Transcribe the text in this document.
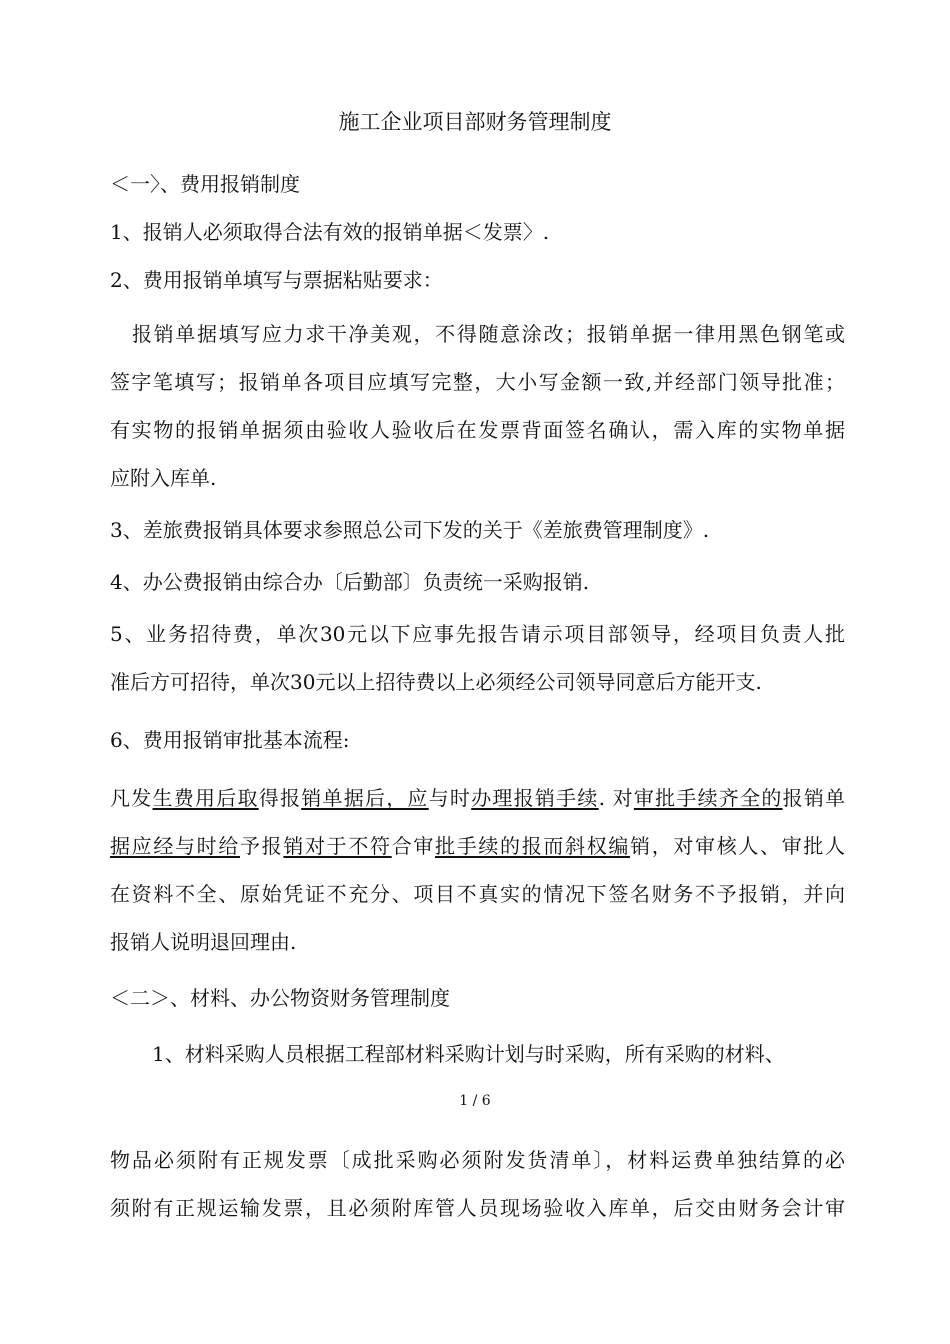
施工企业项目部财务管理制度
＜一〉、费用报销制度
1、报销人必须取得合法有效的报销单据＜发票〉.
2、费用报销单填写与票据粘贴要求：
报销单据填写应力求干净美观，不得随意涂改；报销单据一律用黑色钢笔或
签字笔填写；报销单各项目应填写完整，大小写金额一致,并经部门领导批准；
有实物的报销单据须由验收人验收后在发票背面签名确认，需入库的实物单据
应附入库单.
3、差旅费报销具体要求参照总公司下发的关于《差旅费管理制度》.
4、办公费报销由综合办〔后勤部〕负责统一采购报销.
5、业务招待费，单次30元以下应事先报告请示项目部领导，经项目负责人批
准后方可招待，单次30元以上招待费以上必须经公司领导同意后方能开支.
6、费用报销审批基本流程:
凡发生费用后取得报销单据后，应与时办理报销手续. 对审批手续齐全的报销单
据应经与时给予报销对于不符合审批手续的报而斜权编销，对审核人、审批人
在资料不全、原始凭证不充分、项目不真实的情况下签名财务不予报销，并向
报销人说明退回理由.
＜二＞、材料、办公物资财务管理制度
1、材料采购人员根据工程部材料采购计划与时采购，所有采购的材料、
1 / 6
物品必须附有正规发票〔成批采购必须附发货清单〕，材料运费单独结算的必
须附有正规运输发票，且必须附库管人员现场验收入库单，后交由财务会计审
